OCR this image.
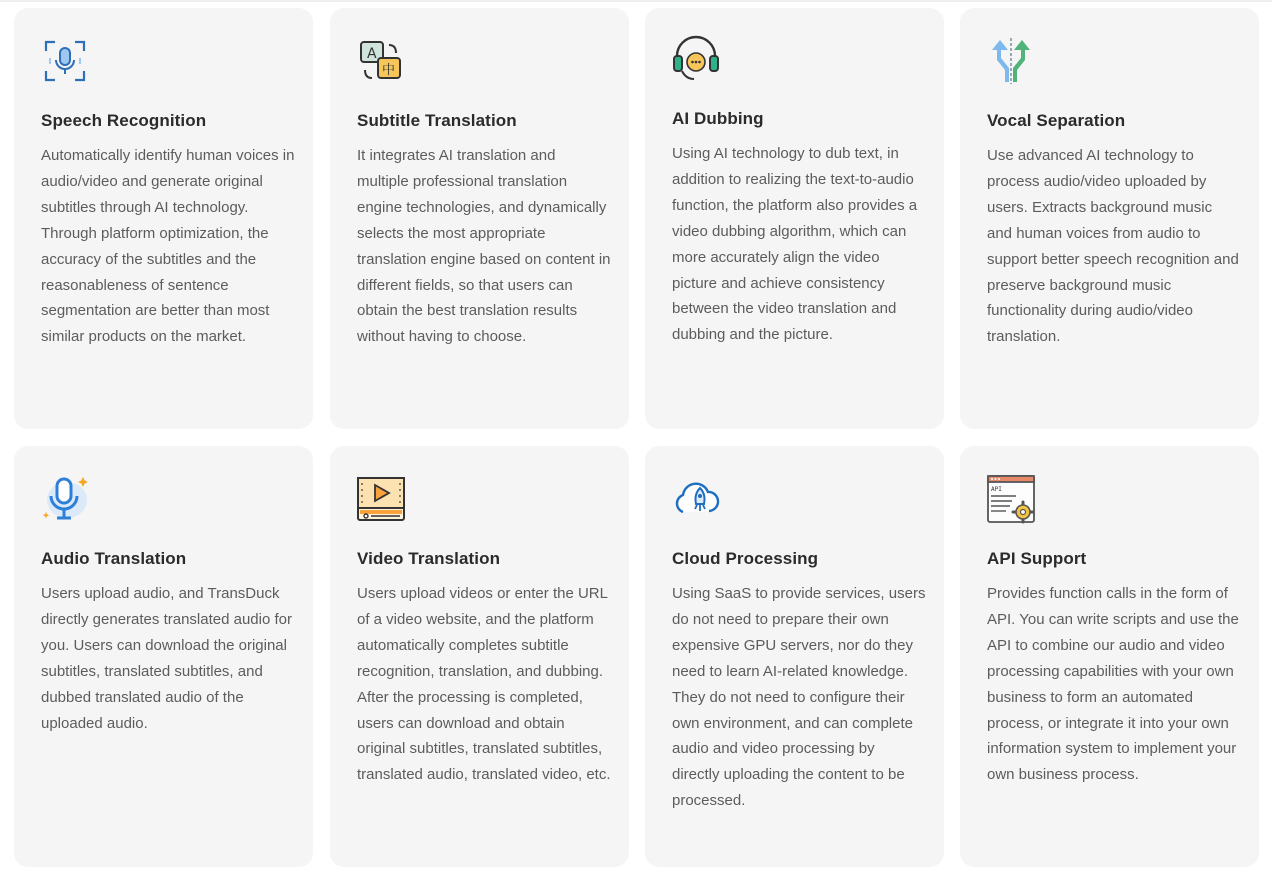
Speech Recognition
Automatically identify human voices in audio/video and generate original subtitles through AI technology. Through platform optimization, the accuracy of the subtitles and the reasonableness of sentence segmentation are better than most similar products on the market.
A
中
Subtitle Translation
It integrates AI translation and multiple professional translation engine technologies, and dynamically selects the most appropriate translation engine based on content in different fields, so that users can obtain the best translation results without having to choose.
AI Dubbing
Using AI technology to dub text, in addition to realizing the text-to-audio function, the platform also provides a video dubbing algorithm, which can more accurately align the video picture and achieve consistency between the video translation and dubbing and the picture.
Vocal Separation
Use advanced AI technology to process audio/video uploaded by users. Extracts background music and human voices from audio to support better speech recognition and preserve background music functionality during audio/video translation.
Audio Translation
Users upload audio, and TransDuck directly generates translated audio for you. Users can download the original subtitles, translated subtitles, and dubbed translated audio of the uploaded audio.
Video Translation
Users upload videos or enter the URL of a video website, and the platform automatically completes subtitle recognition, translation, and dubbing. After the processing is completed, users can download and obtain original subtitles, translated subtitles, translated audio, translated video, etc.
Cloud Processing
Using SaaS to provide services, users do not need to prepare their own expensive GPU servers, nor do they need to learn AI-related knowledge. They do not need to configure their own environment, and can complete audio and video processing by directly uploading the content to be processed.
API
API Support
Provides function calls in the form of API. You can write scripts and use the API to combine our audio and video processing capabilities with your own business to form an automated process, or integrate it into your own information system to implement your own business process.
